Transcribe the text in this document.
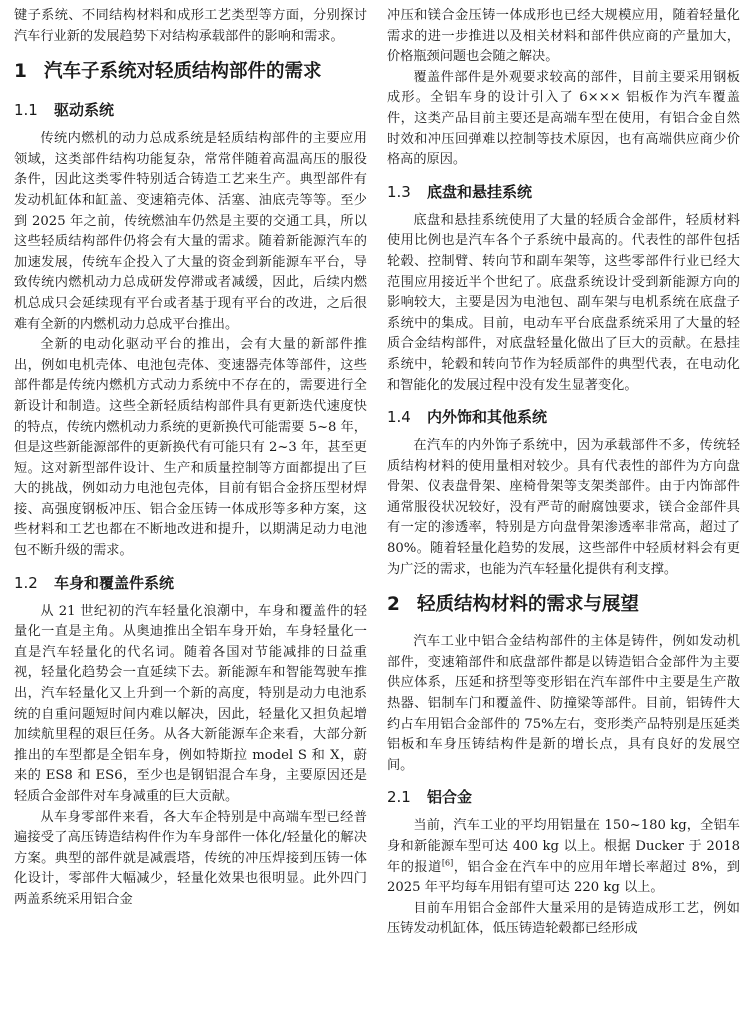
键子系统、不同结构材料和成形工艺类型等方面，分别探讨汽车行业新的发展趋势下对结构承载部件的影响和需求。

1 汽车子系统对轻质结构部件的需求
1.1 驱动系统

传统内燃机的动力总成系统是轻质结构部件的主要应用领域，这类部件结构功能复杂，常常伴随着高温高压的服役条件，因此这类零件特别适合铸造工艺来生产。典型部件有发动机缸体和缸盖、变速箱壳体、活塞、油底壳等等。至少到 2025 年之前，传统燃油车仍然是主要的交通工具，所以这些轻质结构部件仍将会有大量的需求。随着新能源汽车的加速发展，传统车企投入了大量的资金到新能源车平台，导致传统内燃机动力总成研发停滞或者减缓，因此，后续内燃机总成只会延续现有平台或者基于现有平台的改进，之后很难有全新的内燃机动力总成平台推出。

全新的电动化驱动平台的推出，会有大量的新部件推出，例如电机壳体、电池包壳体、变速器壳体等部件，这些部件都是传统内燃机方式动力系统中不存在的，需要进行全新设计和制造。这些全新轻质结构部件具有更新迭代速度快的特点，传统内燃机动力系统的更新换代可能需要 5~8 年，但是这些新能源部件的更新换代有可能只有 2~3 年，甚至更短。这对新型部件设计、生产和质量控制等方面都提出了巨大的挑战，例如动力电池包壳体，目前有铝合金挤压型材焊接、高强度钢板冲压、铝合金压铸一体成形等多种方案，这些材料和工艺也都在不断地改进和提升，以期满足动力电池包不断升级的需求。

1.2 车身和覆盖件系统

从 21 世纪初的汽车轻量化浪潮中，车身和覆盖件的轻量化一直是主角。从奥迪推出全铝车身开始，车身轻量化一直是汽车轻量化的代名词。随着各国对节能减排的日益重视，轻量化趋势会一直延续下去。新能源车和智能驾驶车推出，汽车轻量化又上升到一个新的高度，特别是动力电池系统的自重问题短时间内难以解决，因此，轻量化又担负起增加续航里程的艰巨任务。从各大新能源车企来看，大部分新推出的车型都是全铝车身，例如特斯拉 model S 和 X，蔚来的 ES8 和 ES6，至少也是钢铝混合车身，主要原因还是轻质合金部件对车身减重的巨大贡献。

从车身零部件来看，各大车企特别是中高端车型已经普遍接受了高压铸造结构件作为车身部件一体化/轻量化的解决方案。典型的部件就是减震塔，传统的冲压焊接到压铸一体化设计，零部件大幅减少，轻量化效果也很明显。此外四门两盖系统采用铝合金

冲压和镁合金压铸一体成形也已经大规模应用，随着轻量化需求的进一步推进以及相关材料和部件供应商的产量加大，价格瓶颈问题也会随之解决。

覆盖件部件是外观要求较高的部件，目前主要采用钢板成形。全铝车身的设计引入了 6××× 铝板作为汽车覆盖件，这类产品目前主要还是高端车型在使用，有铝合金自然时效和冲压回弹难以控制等技术原因，也有高端供应商少价格高的原因。

1.3 底盘和悬挂系统

底盘和悬挂系统使用了大量的轻质合金部件，轻质材料使用比例也是汽车各个子系统中最高的。代表性的部件包括轮毂、控制臂、转向节和副车架等，这些零部件行业已经大范围应用接近半个世纪了。底盘系统设计受到新能源方向的影响较大，主要是因为电池包、副车架与电机系统在底盘子系统中的集成。目前，电动车平台底盘系统采用了大量的轻质合金结构部件，对底盘轻量化做出了巨大的贡献。在悬挂系统中，轮毂和转向节作为轻质部件的典型代表，在电动化和智能化的发展过程中没有发生显著变化。

1.4 内外饰和其他系统

在汽车的内外饰子系统中，因为承载部件不多，传统轻质结构材料的使用量相对较少。具有代表性的部件为方向盘骨架、仪表盘骨架、座椅骨架等支架类部件。由于内饰部件通常服役状况较好，没有严苛的耐腐蚀要求，镁合金部件具有一定的渗透率，特别是方向盘骨架渗透率非常高，超过了 80%。随着轻量化趋势的发展，这些部件中轻质材料会有更为广泛的需求，也能为汽车轻量化提供有利支撑。

2 轻质结构材料的需求与展望

汽车工业中铝合金结构部件的主体是铸件，例如发动机部件，变速箱部件和底盘部件都是以铸造铝合金部件为主要供应体系，压延和挤型等变形铝在汽车部件中主要是生产散热器、铝制车门和覆盖件、防撞梁等部件。目前，铝铸件大约占车用铝合金部件的 75%左右，变形类产品特别是压延类铝板和车身压铸结构件是新的增长点，具有良好的发展空间。

2.1 铝合金

当前，汽车工业的平均用铝量在 150~180 kg，全铝车身和新能源车型可达 400 kg 以上。根据 Ducker 于 2018 年的报道[6]，铝合金在汽车中的应用年增长率超过 8%，到 2025 年平均每车用铝有望可达 220 kg 以上。

目前车用铝合金部件大量采用的是铸造成形工艺，例如压铸发动机缸体，低压铸造轮毂都已经形成
